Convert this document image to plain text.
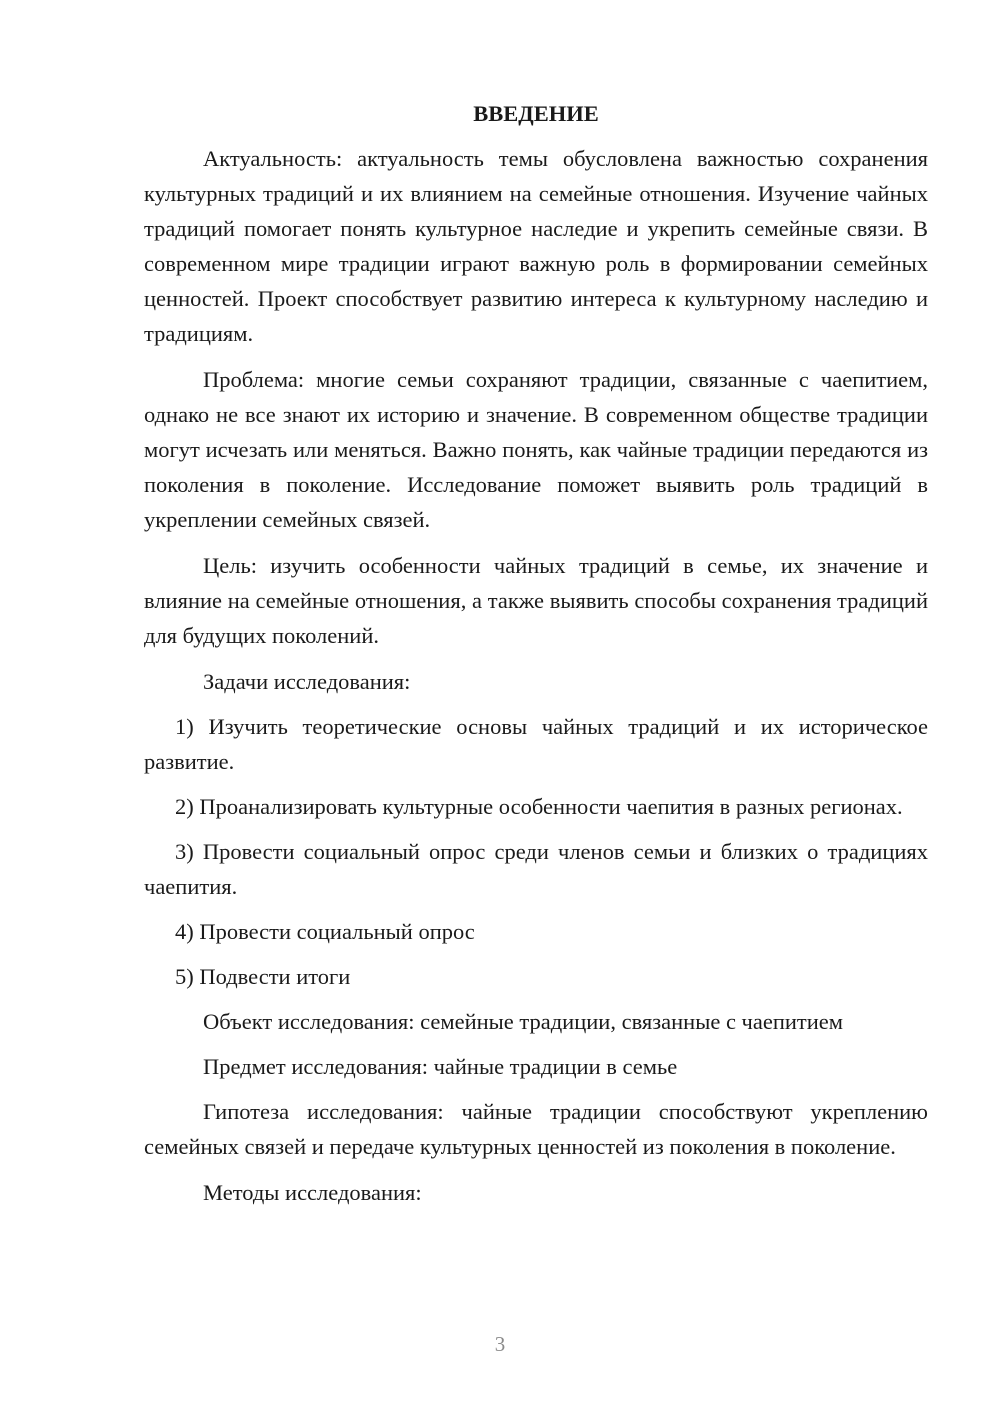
ВВЕДЕНИЕ
Актуальность: актуальность темы обусловлена важностью сохранения культурных традиций и их влиянием на семейные отношения. Изучение чайных традиций помогает понять культурное наследие и укрепить семейные связи. В современном мире традиции играют важную роль в формировании семейных ценностей. Проект способствует развитию интереса к культурному наследию и традициям.
Проблема: многие семьи сохраняют традиции, связанные с чаепитием, однако не все знают их историю и значение. В современном обществе традиции могут исчезать или меняться. Важно понять, как чайные традиции передаются из поколения в поколение. Исследование поможет выявить роль традиций в укреплении семейных связей.
Цель: изучить особенности чайных традиций в семье, их значение и влияние на семейные отношения, а также выявить способы сохранения традиций для будущих поколений.
Задачи исследования:
1) Изучить теоретические основы чайных традиций и их историческое развитие.
2) Проанализировать культурные особенности чаепития в разных регионах.
3) Провести социальный опрос среди членов семьи и близких о традициях чаепития.
4) Провести социальный опрос
5) Подвести итоги
Объект исследования: семейные традиции, связанные с чаепитием
Предмет исследования: чайные традиции в семье
Гипотеза исследования: чайные традиции способствуют укреплению семейных связей и передаче культурных ценностей из поколения в поколение.
Методы исследования:
3
